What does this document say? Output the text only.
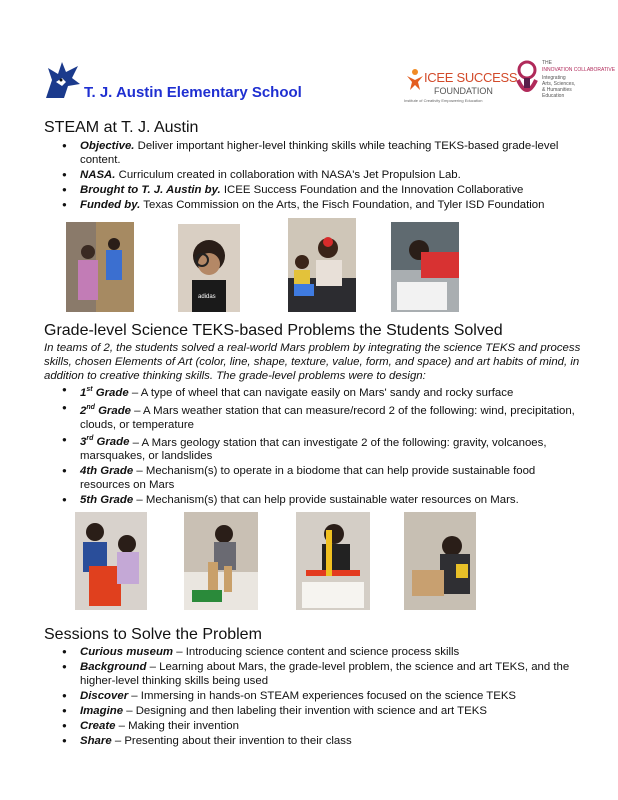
T. J. Austin Elementary School
ICEE SUCCESS
FOUNDATION
Institute of Creativity Empowering Education
THE
INNOVATION COLLABORATIVE
Integrating
Arts, Sciences,
& Humanities
Education
STEAM at T. J. Austin
● Objective. Deliver important higher-level thinking skills while teaching TEKS-based grade-level content.
● NASA. Curriculum created in collaboration with NASA's Jet Propulsion Lab.
● Brought to T. J. Austin by. ICEE Success Foundation and the Innovation Collaborative
● Funded by. Texas Commission on the Arts, the Fisch Foundation, and Tyler ISD Foundation
adidas
Grade-level Science TEKS-based Problems the Students Solved
In teams of 2, the students solved a real-world Mars problem by integrating the science TEKS and process skills, chosen Elements of Art (color, line, shape, texture, value, form, and space) and art habits of mind, in addition to creative thinking skills. The grade-level problems were to design:
● 1st Grade – A type of wheel that can navigate easily on Mars' sandy and rocky surface
● 2nd Grade – A Mars weather station that can measure/record 2 of the following: wind, precipitation, clouds, or temperature
● 3rd Grade – A Mars geology station that can investigate 2 of the following: gravity, volcanoes, marsquakes, or landslides
● 4th Grade – Mechanism(s) to operate in a biodome that can help provide sustainable food resources on Mars
● 5th Grade – Mechanism(s) that can help provide sustainable water resources on Mars.
Sessions to Solve the Problem
● Curious museum – Introducing science content and science process skills
● Background – Learning about Mars, the grade-level problem, the science and art TEKS, and the higher-level thinking skills being used
● Discover – Immersing in hands-on STEAM experiences focused on the science TEKS
● Imagine – Designing and then labeling their invention with science and art TEKS
● Create – Making their invention
● Share – Presenting about their invention to their class
